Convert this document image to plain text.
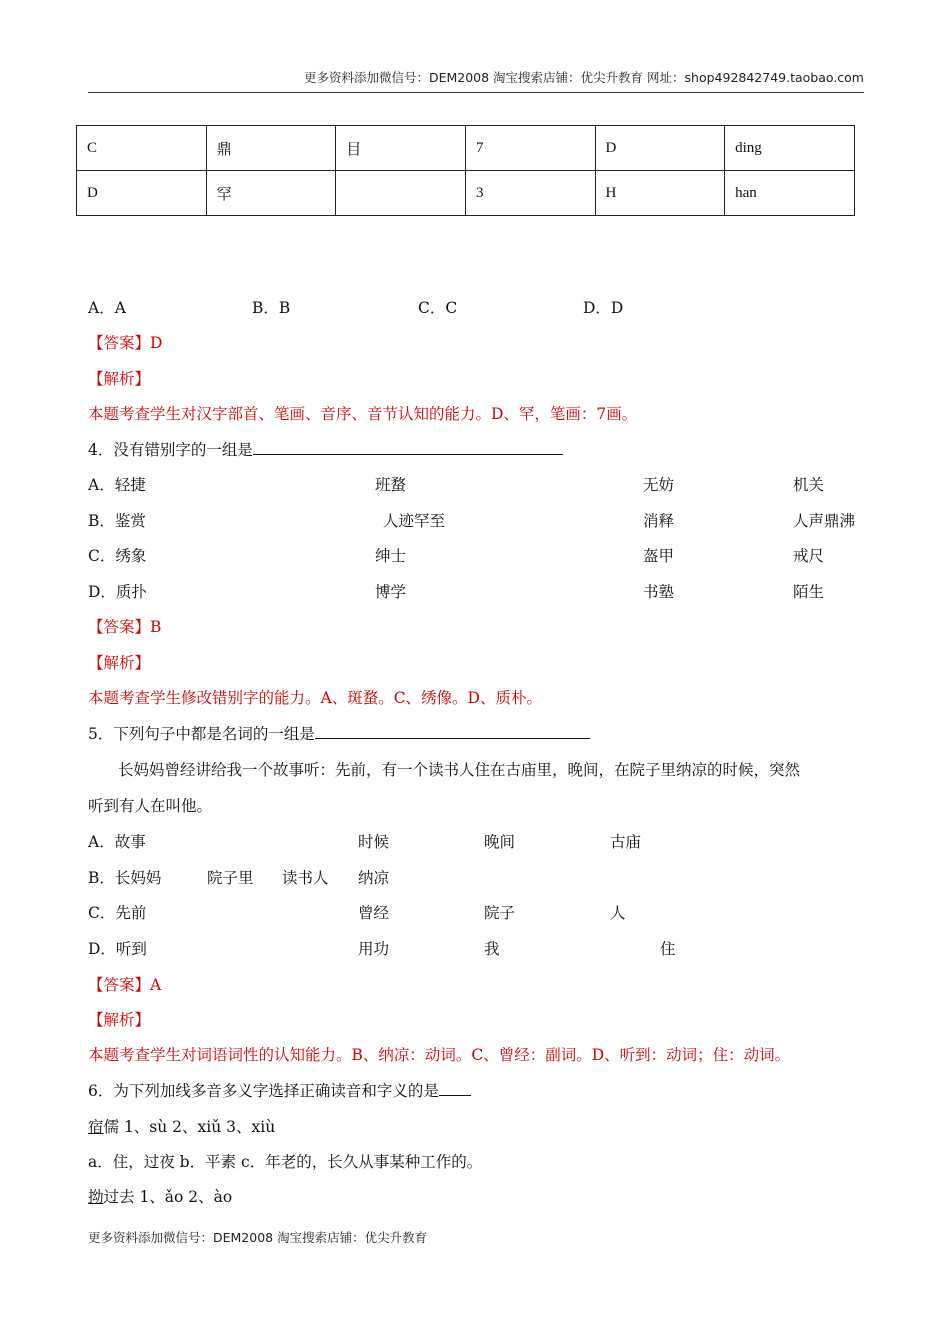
更多资料添加微信号：DEM2008 淘宝搜索店铺：优尖升教育 网址：shop492842749.taobao.com
C	鼎	目	7	D	ding
D	罕		3	H	han
A．A	B．B	C．C	D．D
【答案】D
【解析】
本题考查学生对汉字部首、笔画、音序、音节认知的能力。D、罕，笔画：7画。
4．没有错别字的一组是
A．轻捷	班蝥	无妨	机关
B．鉴赏	人迹罕至	消释	人声鼎沸
C．绣象	绅士	盔甲	戒尺
D．质扑	博学	书塾	陌生
【答案】B
【解析】
本题考查学生修改错别字的能力。A、斑蝥。C、绣像。D、质朴。
5．下列句子中都是名词的一组是
长妈妈曾经讲给我一个故事听：先前，有一个读书人住在古庙里，晚间，在院子里纳凉的时候，突然
听到有人在叫他。
A．故事	时候	晚间	古庙
B．长妈妈	院子里 读书人 纳凉
C．先前	曾经	院子	人
D．听到	用功	我	住
【答案】A
【解析】
本题考查学生对词语词性的认知能力。B、纳凉：动词。C、曾经：副词。D、听到：动词；住：动词。
6．为下列加线多音多义字选择正确读音和字义的是
宿儒 1、sù 2、xiǔ 3、xiù
a．住，过夜 b．平素 c．年老的，长久从事某种工作的。
拗过去 1、ǎo 2、ào
更多资料添加微信号：DEM2008 淘宝搜索店铺：优尖升教育
